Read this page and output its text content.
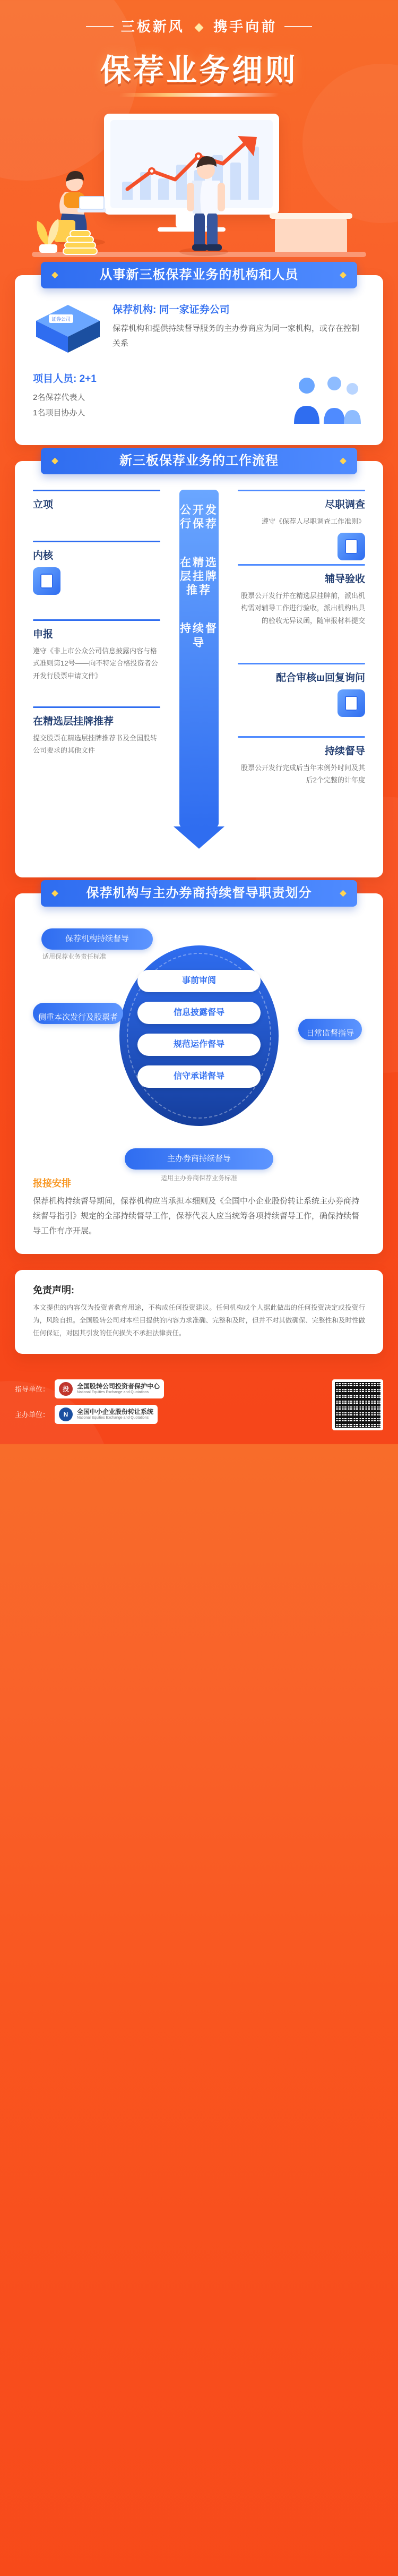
三板新风 携手向前
保荐业务细则
从事新三板保荐业务的机构和人员
证券公司
保荐机构: 同一家证券公司
保荐机构和提供持续督导服务的主办券商应为同一家机构，或存在控制关系
项目人员: 2+1
2名保荐代表人
1名项目协办人
新三板保荐业务的工作流程
公开发行保荐
在精选层挂牌推荐
持续督导
立项
内核
申报
遵守《非上市公众公司信息披露内容与格式准则第12号——向不特定合格投资者公开发行股票申请文件》
在精选层挂牌推荐
提交股票在精选层挂牌推荐书及全国股转公司要求的其他文件
尽职调查
遵守《保荐人尽职调查工作准则》
辅导验收
股票公开发行并在精选层挂牌前，派出机构需对辅导工作进行验收，派出机构出具的验收无异议函，随审报材料提交
配合审核ш回复询问
持续督导
股票公开发行完成后当年末例外时间及其后2个完整的计年度
保荐机构与主办券商持续督导职责划分
保荐机构持续督导
适用保荐业务责任标准
事前审阅
信息披露督导
规范运作督导
信守承诺督导
侧重本次发行及股票者关注的问题
日常监督指导
主办券商持续督导
适用主办券商保荐业务标准
报接安排
保荐机构持续督导期间，保荐机构应当承担本细则及《全国中小企业股份转让系统主办券商持续督导指引》规定的全部持续督导工作，保荐代表人应当统筹各项持续督导工作，确保持续督导工作有序开展。
免责声明:

本文提供的内容仅为投资者教育用途，不构成任何投资建议。任何机构或个人据此做出的任何投资决定或投资行为，风险自担。全国股转公司对本栏目提供的内容力求准确、完整和及时，但并不对其做确保、完整性和及时性做任何保证，对因其引发的任何损失不承担法律责任。

指导单位：	投	全国股转公司投资者保护中心
National Equities Exchange and Quotations
主办单位：	N	全国中小企业股份转让系统
National Equities Exchange and Quotations
